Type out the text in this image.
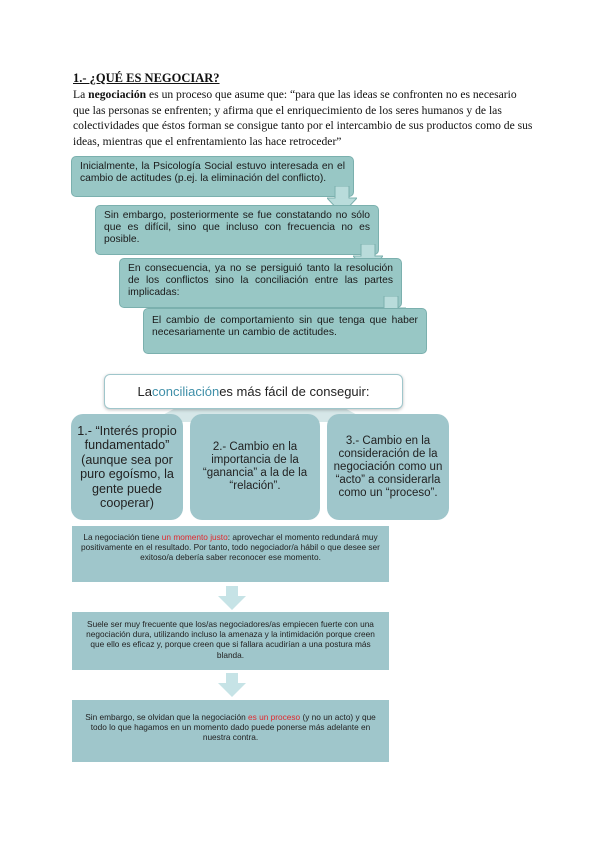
1.- ¿QUÉ ES NEGOCIAR?
La negociación es un proceso que asume que: “para que las ideas se confronten no es necesario que las personas se enfrenten; y afirma que el enriquecimiento de los seres humanos y de las colectividades que éstos forman se consigue tanto por el intercambio de sus productos como de sus ideas, mientras que el enfrentamiento las hace retroceder”
Inicialmente, la Psicología Social estuvo interesada en el cambio de actitudes (p.ej. la eliminación del conflicto).
Sin embargo, posteriormente se fue constatando no sólo que es difícil, sino que incluso con frecuencia no es posible.
En consecuencia, ya no se persiguió tanto la resolución de los conflictos sino la conciliación entre las partes implicadas:
El cambio de comportamiento sin que tenga que haber necesariamente un cambio de actitudes.
La conciliación es más fácil de conseguir:
1.- “Interés propio fundamentado” (aunque sea por puro egoísmo, la gente puede cooperar)
2.- Cambio en la importancia de la “ganancia” a la de la “relación”.
3.- Cambio en la consideración de la negociación como un “acto” a considerarla como un “proceso”.
La negociación tiene un momento justo: aprovechar el momento redundará muy positivamente en el resultado. Por tanto, todo negociador/a hábil o que desee ser exitoso/a debería saber reconocer ese momento.
Suele ser muy frecuente que los/as negociadores/as empiecen fuerte con una negociación dura, utilizando incluso la amenaza y la intimidación porque creen que ello es eficaz y, porque creen que si fallara acudirían a una postura más blanda.
Sin embargo, se olvidan que la negociación es un proceso (y no un acto) y que todo lo que hagamos en un momento dado puede ponerse más adelante en nuestra contra.
